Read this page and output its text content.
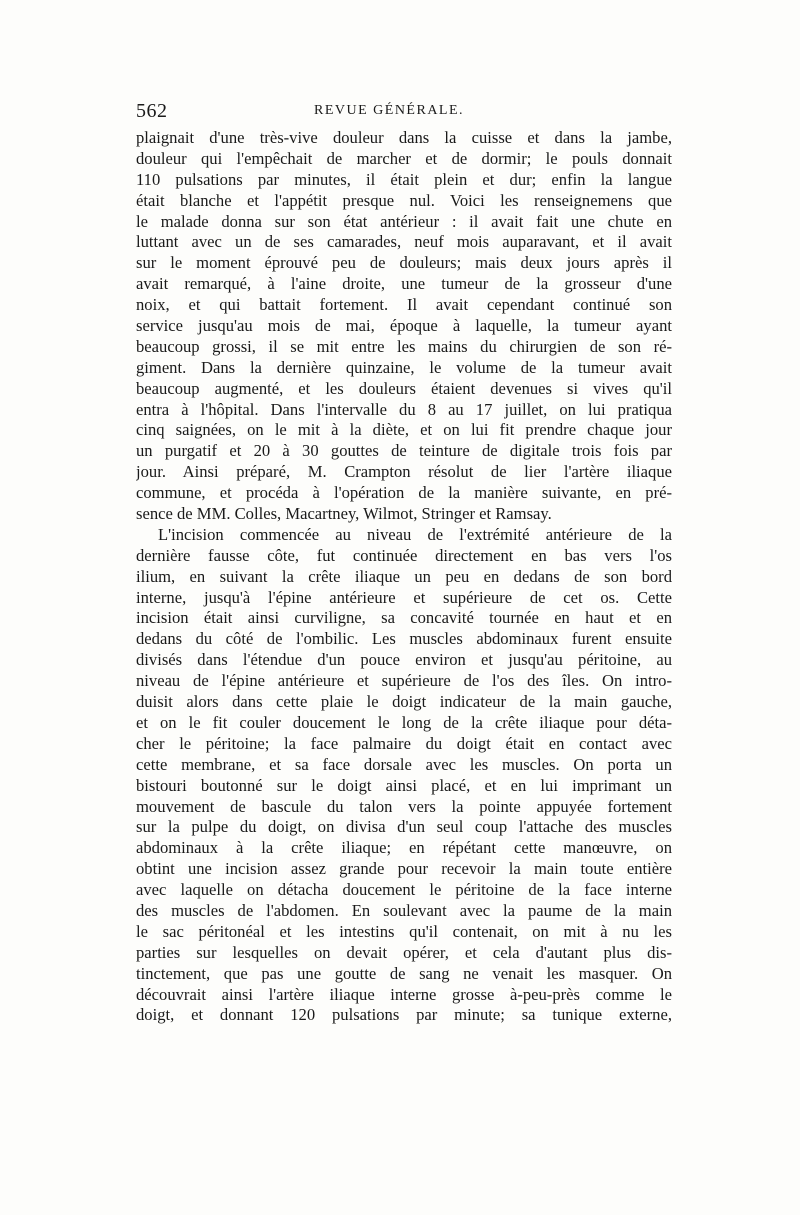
562	REVUE GÉNÉRALE.
plaignait d'une très-vive douleur dans la cuisse et dans la jambe,
douleur qui l'empêchait de marcher et de dormir; le pouls donnait
110 pulsations par minutes, il était plein et dur; enfin la langue
était blanche et l'appétit presque nul. Voici les renseignemens que
le malade donna sur son état antérieur : il avait fait une chute en
luttant avec un de ses camarades, neuf mois auparavant, et il avait
sur le moment éprouvé peu de douleurs; mais deux jours après il
avait remarqué, à l'aine droite, une tumeur de la grosseur d'une
noix, et qui battait fortement. Il avait cependant continué son
service jusqu'au mois de mai, époque à laquelle, la tumeur ayant
beaucoup grossi, il se mit entre les mains du chirurgien de son ré-
giment. Dans la dernière quinzaine, le volume de la tumeur avait
beaucoup augmenté, et les douleurs étaient devenues si vives qu'il
entra à l'hôpital. Dans l'intervalle du 8 au 17 juillet, on lui pratiqua
cinq saignées, on le mit à la diète, et on lui fit prendre chaque jour
un purgatif et 20 à 30 gouttes de teinture de digitale trois fois par
jour. Ainsi préparé, M. Crampton résolut de lier l'artère iliaque
commune, et procéda à l'opération de la manière suivante, en pré-
sence de MM. Colles, Macartney, Wilmot, Stringer et Ramsay.
L'incision commencée au niveau de l'extrémité antérieure de la
dernière fausse côte, fut continuée directement en bas vers l'os
ilium, en suivant la crête iliaque un peu en dedans de son bord
interne, jusqu'à l'épine antérieure et supérieure de cet os. Cette
incision était ainsi curviligne, sa concavité tournée en haut et en
dedans du côté de l'ombilic. Les muscles abdominaux furent ensuite
divisés dans l'étendue d'un pouce environ et jusqu'au péritoine, au
niveau de l'épine antérieure et supérieure de l'os des îles. On intro-
duisit alors dans cette plaie le doigt indicateur de la main gauche,
et on le fit couler doucement le long de la crête iliaque pour déta-
cher le péritoine; la face palmaire du doigt était en contact avec
cette membrane, et sa face dorsale avec les muscles. On porta un
bistouri boutonné sur le doigt ainsi placé, et en lui imprimant un
mouvement de bascule du talon vers la pointe appuyée fortement
sur la pulpe du doigt, on divisa d'un seul coup l'attache des muscles
abdominaux à la crête iliaque; en répétant cette manœuvre, on
obtint une incision assez grande pour recevoir la main toute entière
avec laquelle on détacha doucement le péritoine de la face interne
des muscles de l'abdomen. En soulevant avec la paume de la main
le sac péritonéal et les intestins qu'il contenait, on mit à nu les
parties sur lesquelles on devait opérer, et cela d'autant plus dis-
tinctement, que pas une goutte de sang ne venait les masquer. On
découvrait ainsi l'artère iliaque interne grosse à-peu-près comme le
doigt, et donnant 120 pulsations par minute; sa tunique externe,
